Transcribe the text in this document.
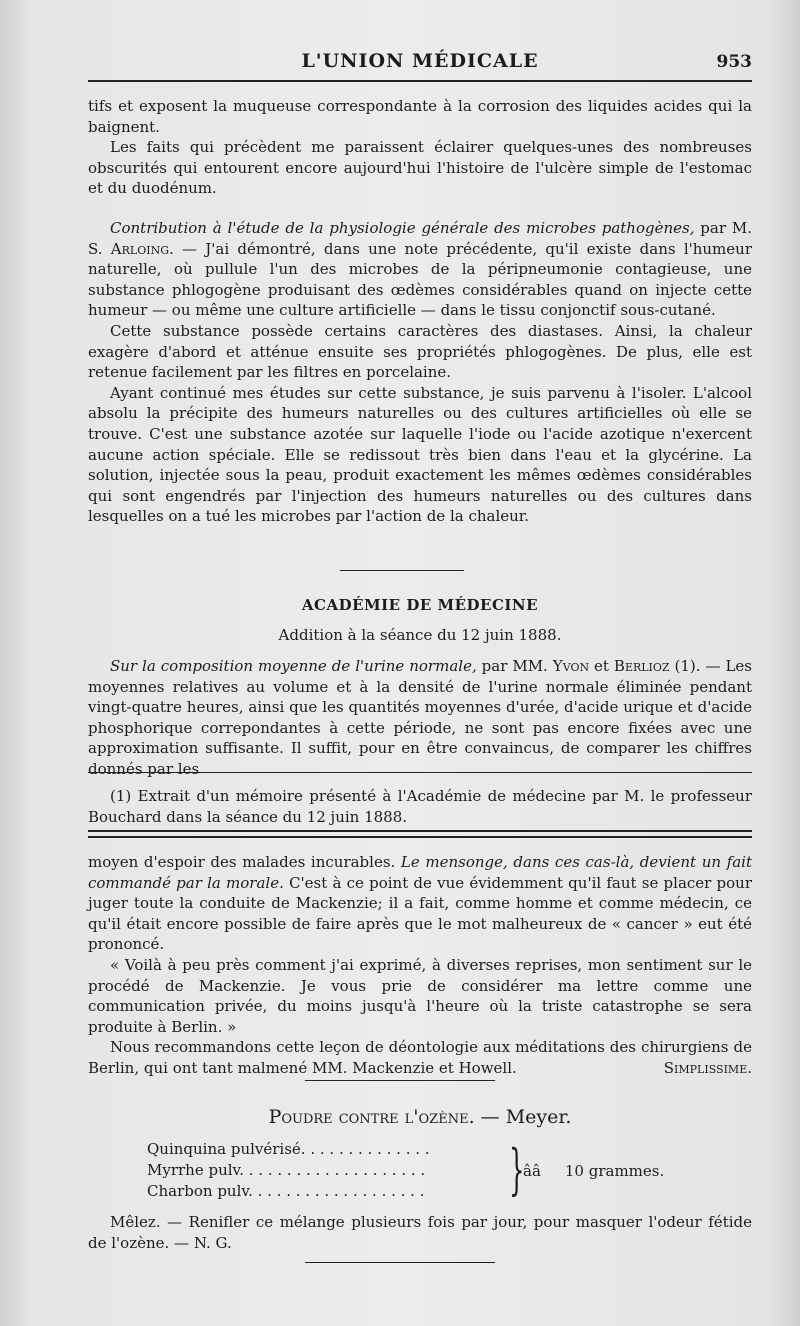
L'UNION MÉDICALE	953

tifs et exposent la muqueuse correspondante à la corrosion des liquides acides qui la baignent.

Les faits qui précèdent me paraissent éclairer quelques-unes des nombreuses obscurités qui entourent encore aujourd'hui l'histoire de l'ulcère simple de l'estomac et du duodénum.

Contribution à l'étude de la physiologie générale des microbes pathogènes, par M. S. Arloing. — J'ai démontré, dans une note précédente, qu'il existe dans l'humeur naturelle, où pullule l'un des microbes de la péripneumonie contagieuse, une substance phlogogène produisant des œdèmes considérables quand on injecte cette humeur — ou même une culture artificielle — dans le tissu conjonctif sous-cutané.

Cette substance possède certains caractères des diastases. Ainsi, la chaleur exagère d'abord et atténue ensuite ses propriétés phlogogènes. De plus, elle est retenue facilement par les filtres en porcelaine.

Ayant continué mes études sur cette substance, je suis parvenu à l'isoler. L'alcool absolu la précipite des humeurs naturelles ou des cultures artificielles où elle se trouve. C'est une substance azotée sur laquelle l'iode ou l'acide azotique n'exercent aucune action spéciale. Elle se redissout très bien dans l'eau et la glycérine. La solution, injectée sous la peau, produit exactement les mêmes œdèmes considérables qui sont engendrés par l'injection des humeurs naturelles ou des cultures dans lesquelles on a tué les microbes par l'action de la chaleur.

ACADÉMIE DE MÉDECINE
Addition à la séance du 12 juin 1888.

Sur la composition moyenne de l'urine normale, par MM. Yvon et Berlioz (1). — Les moyennes relatives au volume et à la densité de l'urine normale éliminée pendant vingt-quatre heures, ainsi que les quantités moyennes d'urée, d'acide urique et d'acide phosphorique correpondantes à cette période, ne sont pas encore fixées avec une approximation suffisante. Il suffit, pour en être convaincus, de comparer les chiffres donnés par les

(1) Extrait d'un mémoire présenté à l'Académie de médecine par M. le professeur Bouchard dans la séance du 12 juin 1888.

moyen d'espoir des malades incurables. Le mensonge, dans ces cas-là, devient un fait commandé par la morale. C'est à ce point de vue évidemment qu'il faut se placer pour juger toute la conduite de Mackenzie; il a fait, comme homme et comme médecin, ce qu'il était encore possible de faire après que le mot malheureux de « cancer » eut été prononcé.

« Voilà à peu près comment j'ai exprimé, à diverses reprises, mon sentiment sur le procédé de Mackenzie. Je vous prie de considérer ma lettre comme une communication privée, du moins jusqu'à l'heure où la triste catastrophe se sera produite à Berlin. »

Nous recommandons cette leçon de déontologie aux méditations des chirurgiens de Berlin, qui ont tant malmené MM. Mackenzie et Howell.	Simplissime.

Poudre contre l'ozène. — Meyer.
Quinquina pulvérisé. . . . . . . . . . . . . .
Myrrhe pulv. . . . . . . . . . . . . . . . . . . .
Charbon pulv. . . . . . . . . . . . . . . . . . .	}
ââ 10 grammes.

Mêlez. — Renifler ce mélange plusieurs fois par jour, pour masquer l'odeur fétide de l'ozène. — N. G.
